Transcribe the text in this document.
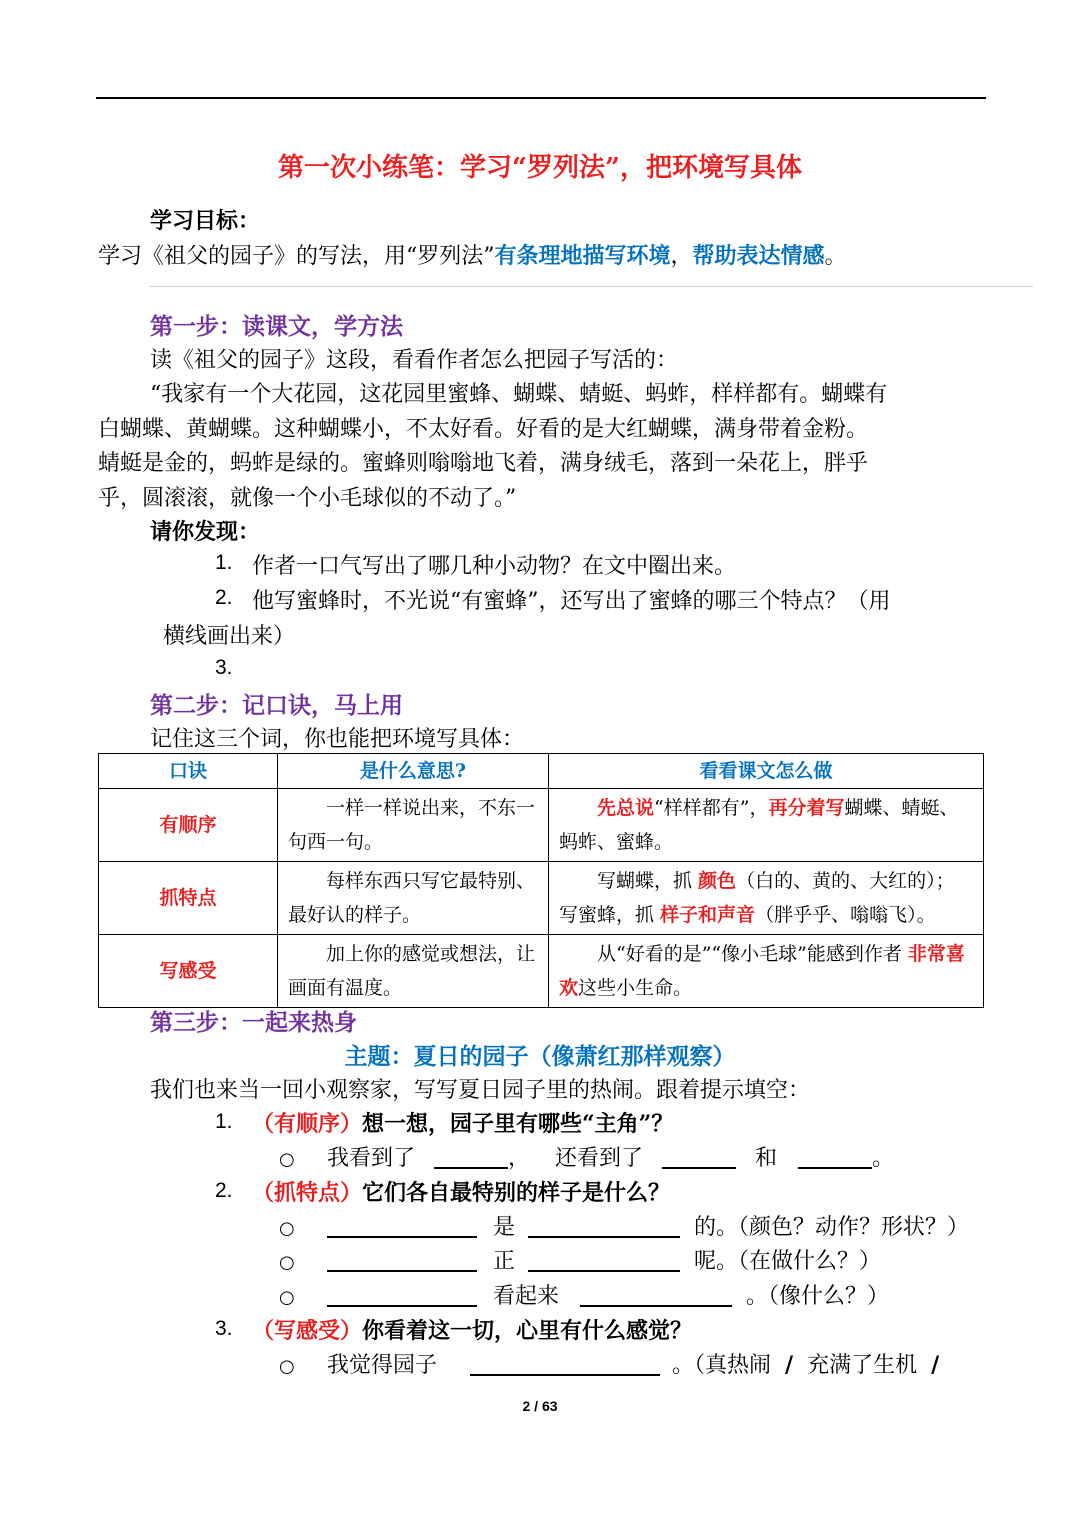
第一次小练笔：学习“罗列法”，把环境写具体
学习目标：
学习《祖父的园子》的写法，用“罗列法”有条理地描写环境，帮助表达情感。
第一步：读课文，学方法
读《祖父的园子》这段，看看作者怎么把园子写活的：
“我家有一个大花园，这花园里蜜蜂、蝴蝶、蜻蜓、蚂蚱，样样都有。蝴蝶有
白蝴蝶、黄蝴蝶。这种蝴蝶小，不太好看。好看的是大红蝴蝶，满身带着金粉。
蜻蜓是金的，蚂蚱是绿的。蜜蜂则嗡嗡地飞着，满身绒毛，落到一朵花上，胖乎
乎，圆滚滚，就像一个小毛球似的不动了。”
请你发现：
1. 作者一口气写出了哪几种小动物？在文中圈出来。
2. 他写蜜蜂时，不光说“有蜜蜂”，还写出了蜜蜂的哪三个特点？（用
横线画出来）
3.
第二步：记口诀，马上用
记住这三个词，你也能把环境写具体：
口诀	是什么意思?	看看课文怎么做
有顺序	一样一样说出来，不东一句西一句。	先总说“样样都有”，再分着写蝴蝶、蜻蜓、蚂蚱、蜜蜂。
抓特点	每样东西只写它最特别、最好认的样子。	写蝴蝶，抓 颜色（白的、黄的、大红的）；写蜜蜂，抓 样子和声音（胖乎乎、嗡嗡飞）。
写感受	加上你的感觉或想法，让画面有温度。	从“好看的是”“像小毛球”能感到作者 非常喜欢这些小生命。
第三步：一起来热身
主题：夏日的园子（像萧红那样观察）
我们也来当一回小观察家，写写夏日园子里的热闹。跟着提示填空：
1. （有顺序）想一想，园子里有哪些“主角”？
○ 我看到了	， 还看到了	和	。
2. （抓特点）它们各自最特别的样子是什么？
○	是	的。（颜色？动作？形状？）
○	正	呢。（在做什么？）
○	看起来	。（像什么？）
3. （写感受）你看着这一切，心里有什么感觉？
○ 我觉得园子	。（真热闹 / 充满了生机 /
2 / 63
